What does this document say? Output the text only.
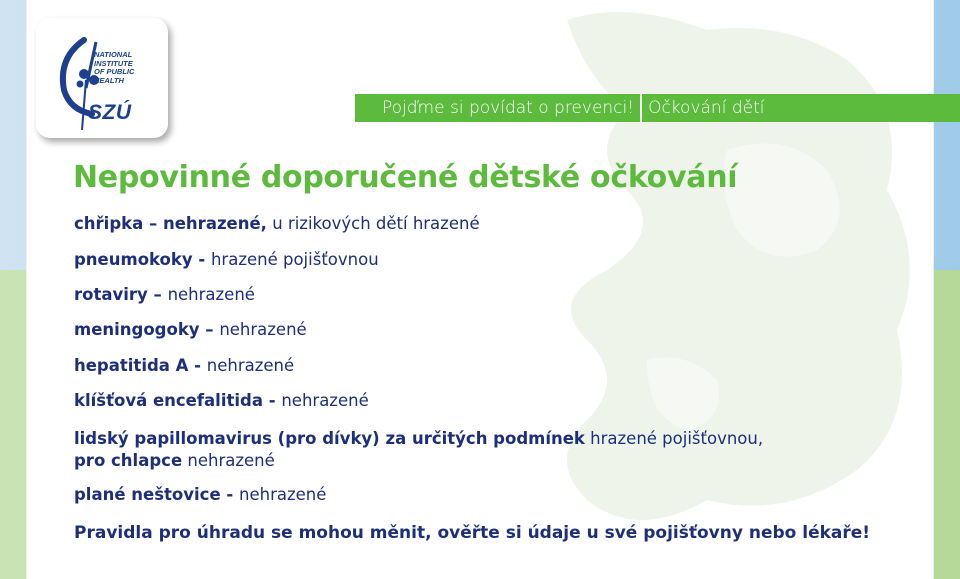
NATIONAL
INSTITUTE
OF PUBLIC
HEALTH
SZÚ	Pojďme si povídat o prevenci! Očkování dětí
Nepovinné doporučené dětské očkování
chřipka – nehrazené, u rizikových dětí hrazené
pneumokoky - hrazené pojišťovnou
rotaviry – nehrazené
meningogoky – nehrazené
hepatitida A - nehrazené
klíšťová encefalitida - nehrazené
lidský papillomavirus (pro dívky) za určitých podmínek hrazené pojišťovnou,
pro chlapce nehrazené
plané neštovice - nehrazené
Pravidla pro úhradu se mohou měnit, ověřte si údaje u své pojišťovny nebo lékaře!
